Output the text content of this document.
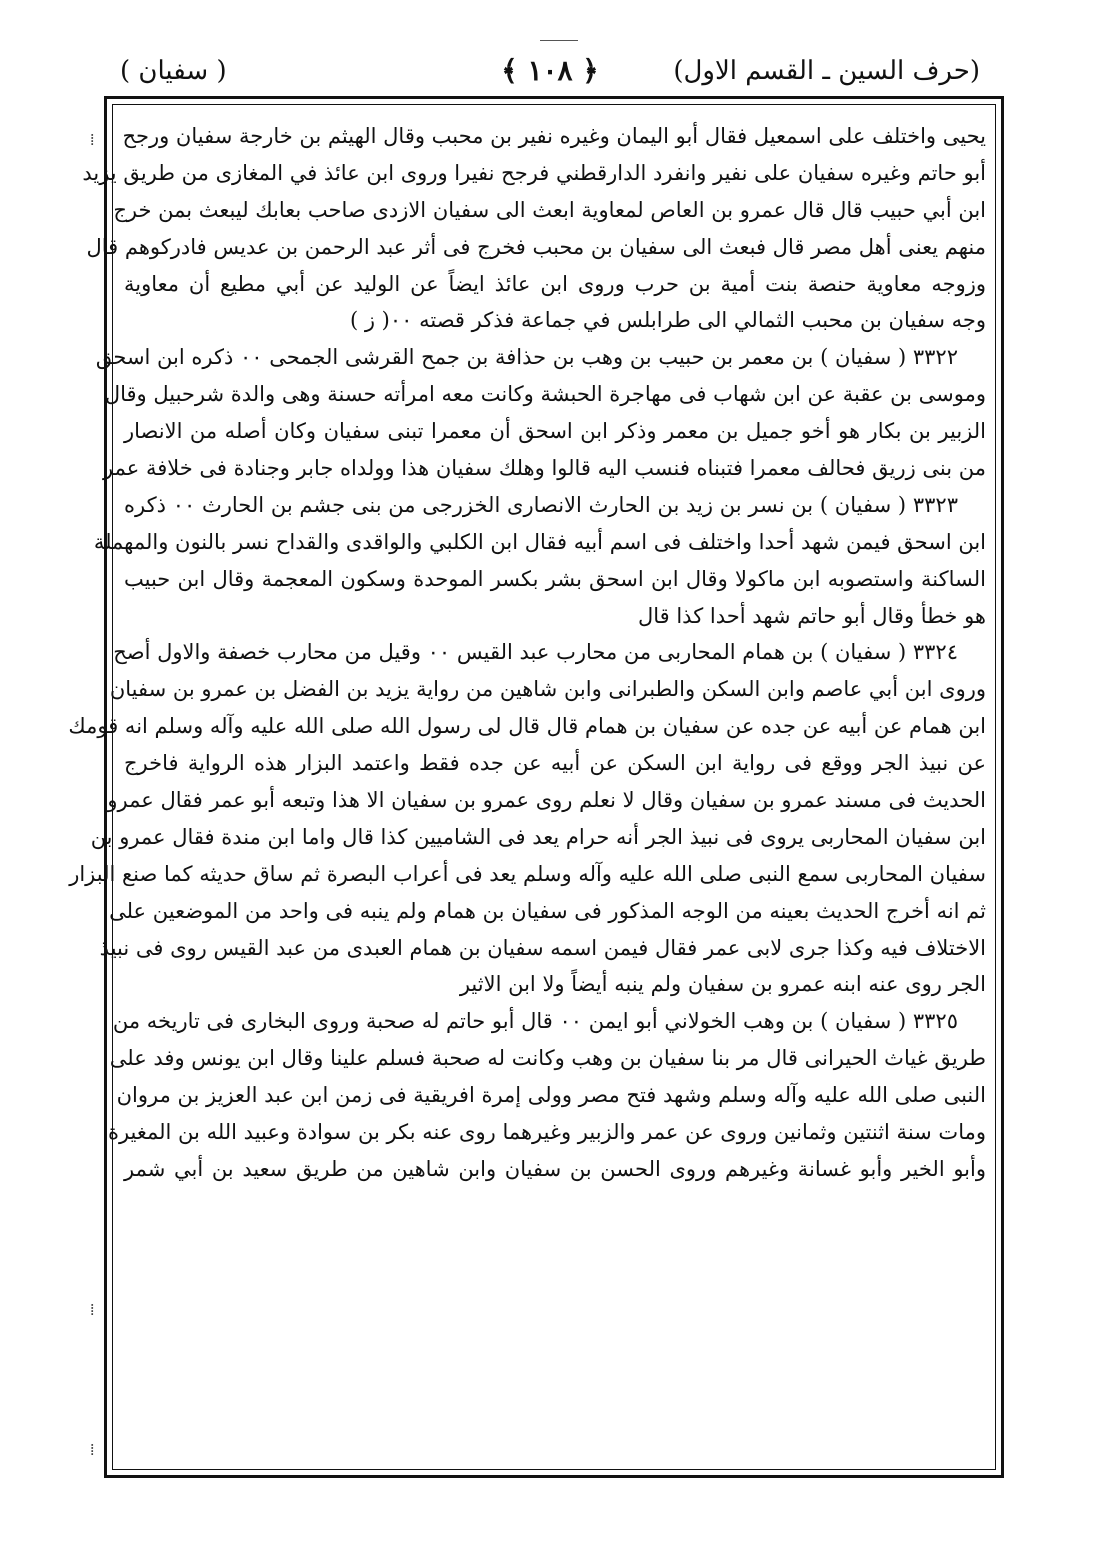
(حرف السين ـ القسم الاول)
﴿ ١٠٨ ﴾
( سفيان )
⁞
⁞
⁞
يحيى واختلف على اسمعيل فقال أبو اليمان وغيره نفير بن محبب وقال الهيثم بن خارجة سفيان ورجح
أبو حاتم وغيره سفيان على نفير وانفرد الدارقطني فرجح نفيرا وروى ابن عائذ في المغازى من طريق يزيد
ابن أبي حبيب قال قال عمرو بن العاص لمعاوية ابعث الى سفيان الازدى صاحب بعابك ليبعث بمن خرج
منهم يعنى أهل مصر قال فبعث الى سفيان بن محبب فخرج فى أثر عبد الرحمن بن عديس فادركوهم قال
وزوجه معاوية حنصة بنت أمية بن حرب وروى ابن عائذ ايضاً عن الوليد عن أبي مطيع أن معاوية
وجه سفيان بن محبب الثمالي الى طرابلس في جماعة فذكر قصته ٠٠( ز )
٣٣٢٢ ( سفيان ) بن معمر بن حبيب بن وهب بن حذافة بن جمح القرشى الجمحى ٠٠ ذكره ابن اسحق
وموسى بن عقبة عن ابن شهاب فى مهاجرة الحبشة وكانت معه امرأته حسنة وهى والدة شرحبيل وقال
الزبير بن بكار هو أخو جميل بن معمر وذكر ابن اسحق أن معمرا تبنى سفيان وكان أصله من الانصار
من بنى زريق فحالف معمرا فتبناه فنسب اليه قالوا وهلك سفيان هذا وولداه جابر وجنادة فى خلافة عمر
٣٣٢٣ ( سفيان ) بن نسر بن زيد بن الحارث الانصارى الخزرجى من بنى جشم بن الحارث ٠٠ ذكره
ابن اسحق فيمن شهد أحدا واختلف فى اسم أبيه فقال ابن الكلبي والواقدى والقداح نسر بالنون والمهملة
الساكنة واستصوبه ابن ماكولا وقال ابن اسحق بشر بكسر الموحدة وسكون المعجمة وقال ابن حبيب
هو خطأ وقال أبو حاتم شهد أحدا كذا قال
٣٣٢٤ ( سفيان ) بن همام المحاربى من محارب عبد القيس ٠٠ وقيل من محارب خصفة والاول أصح
وروى ابن أبي عاصم وابن السكن والطبرانى وابن شاهين من رواية يزيد بن الفضل بن عمرو بن سفيان
ابن همام عن أبيه عن جده عن سفيان بن همام قال قال لى رسول الله صلى الله عليه وآله وسلم انه قومك
عن نبيذ الجر ووقع فى رواية ابن السكن عن أبيه عن جده فقط واعتمد البزار هذه الرواية فاخرج
الحديث فى مسند عمرو بن سفيان وقال لا نعلم روى عمرو بن سفيان الا هذا وتبعه أبو عمر فقال عمرو
ابن سفيان المحاربى يروى فى نبيذ الجر أنه حرام يعد فى الشاميين كذا قال واما ابن مندة فقال عمرو بن
سفيان المحاربى سمع النبى صلى الله عليه وآله وسلم يعد فى أعراب البصرة ثم ساق حديثه كما صنع البزار
ثم انه أخرج الحديث بعينه من الوجه المذكور فى سفيان بن همام ولم ينبه فى واحد من الموضعين على
الاختلاف فيه وكذا جرى لابى عمر فقال فيمن اسمه سفيان بن همام العبدى من عبد القيس روى فى نبيذ
الجر روى عنه ابنه عمرو بن سفيان ولم ينبه أيضاً ولا ابن الاثير
٣٣٢٥ ( سفيان ) بن وهب الخولاني أبو ايمن ٠٠ قال أبو حاتم له صحبة وروى البخارى فى تاريخه من
طريق غياث الحيرانى قال مر بنا سفيان بن وهب وكانت له صحبة فسلم علينا وقال ابن يونس وفد على
النبى صلى الله عليه وآله وسلم وشهد فتح مصر وولى إمرة افريقية فى زمن ابن عبد العزيز بن مروان
ومات سنة اثنتين وثمانين وروى عن عمر والزبير وغيرهما روى عنه بكر بن سوادة وعبيد الله بن المغيرة
وأبو الخير وأبو غسانة وغيرهم وروى الحسن بن سفيان وابن شاهين من طريق سعيد بن أبي شمر
